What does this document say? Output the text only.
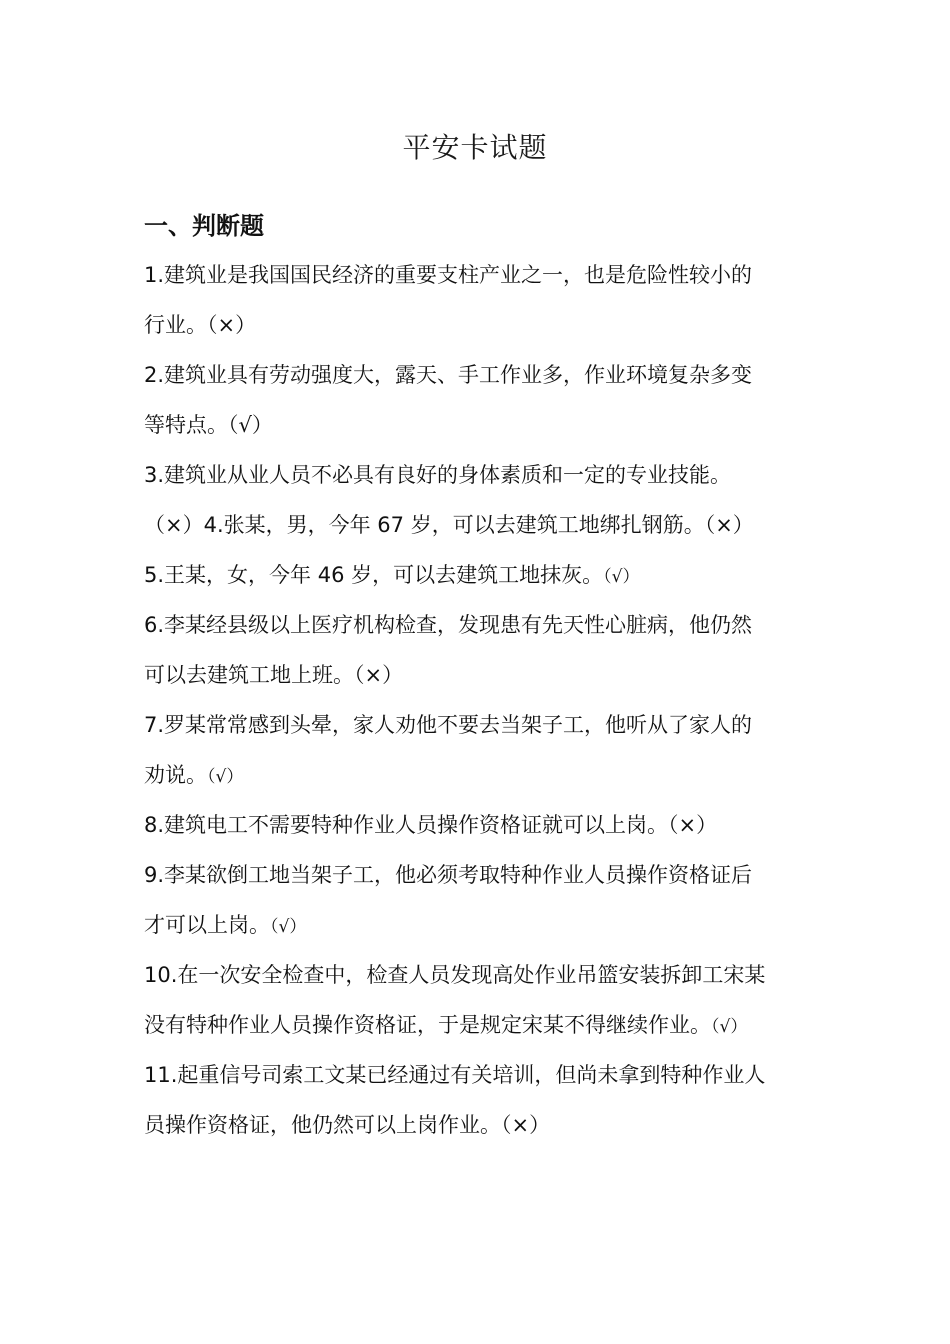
平安卡试题
一、判断题
1.建筑业是我国国民经济的重要支柱产业之一，也是危险性较小的
行业。（×）
2.建筑业具有劳动强度大，露天、手工作业多，作业环境复杂多变
等特点。（√）
3.建筑业从业人员不必具有良好的身体素质和一定的专业技能。
（×）4.张某，男，今年 67 岁，可以去建筑工地绑扎钢筋。（×）
5.王某，女，今年 46 岁，可以去建筑工地抹灰。（√）
6.李某经县级以上医疗机构检查，发现患有先天性心脏病，他仍然
可以去建筑工地上班。（×）
7.罗某常常感到头晕，家人劝他不要去当架子工，他听从了家人的
劝说。（√）
8.建筑电工不需要特种作业人员操作资格证就可以上岗。（×）
9.李某欲倒工地当架子工，他必须考取特种作业人员操作资格证后
才可以上岗。（√）
10.在一次安全检查中，检查人员发现高处作业吊篮安装拆卸工宋某
没有特种作业人员操作资格证，于是规定宋某不得继续作业。（√）
11.起重信号司索工文某已经通过有关培训，但尚未拿到特种作业人
员操作资格证，他仍然可以上岗作业。（×）
